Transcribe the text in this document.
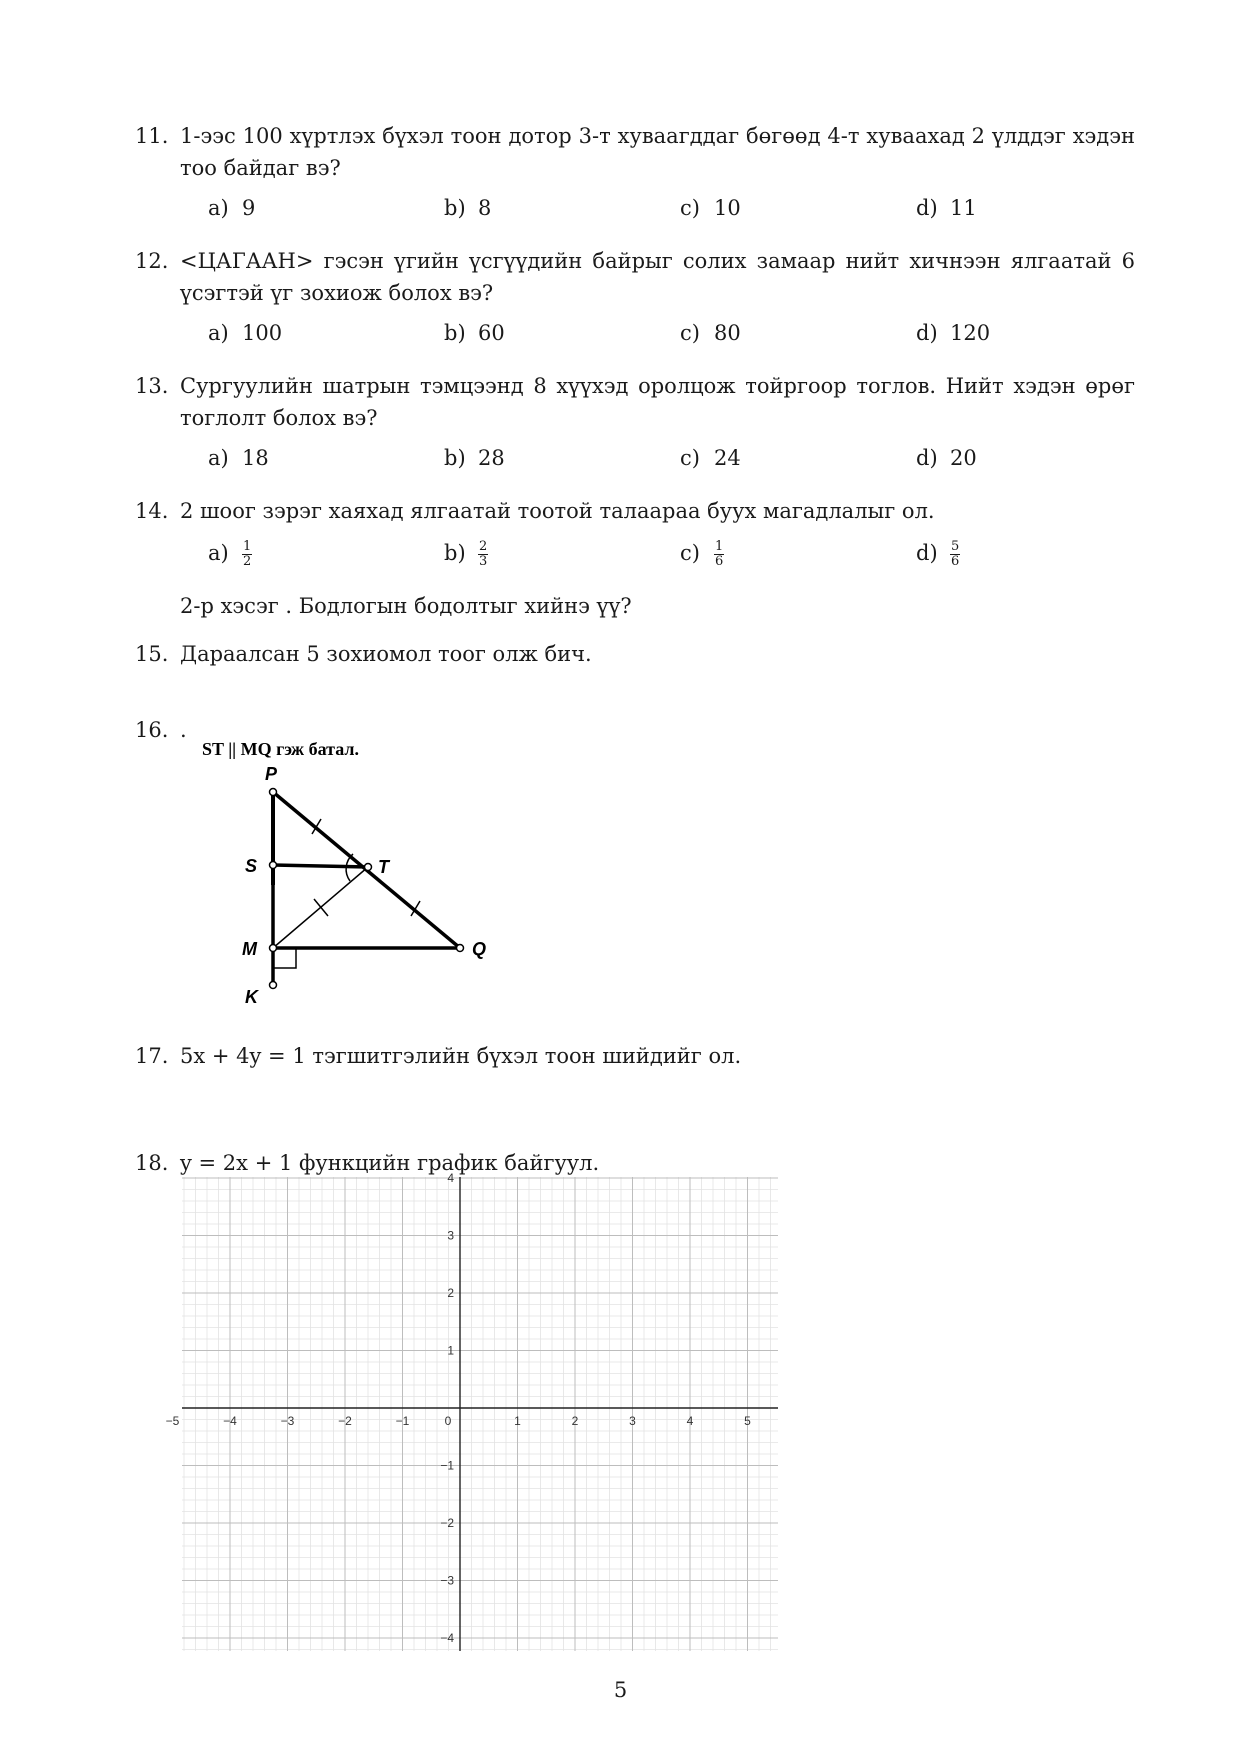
11. 1-ээс 100 хүртлэх бүхэл тоон дотор 3-т хуваагддаг бөгөөд 4-т хуваахад 2 үлддэг хэдэн тоо байдаг вэ?
a) 9	b) 8	c) 10	d) 11
12. <ЦАГААН> гэсэн үгийн үсгүүдийн байрыг солих замаар нийт хичнээн ялгаатай 6 үсэгтэй үг зохиож болох вэ?
a) 100	b) 60	c) 80	d) 120
13. Сургуулийн шатрын тэмцээнд 8 хүүхэд оролцож тойргоор тоглов. Нийт хэдэн өрөг тоглолт болох вэ?
a) 18	b) 28	c) 24	d) 20
14. 2 шоог зэрэг хаяхад ялгаатай тоотой талаараа буух магадлалыг ол.
$a) \frac{1}{2}$	$b) \frac{2}{3}$	$c) \frac{1}{6}$	$d) \frac{5}{6}$
2-р хэсэг . Бодлогын бодолтыг хийнэ үү?
15. Дараалсан 5 зохиомол тоог олж бич.
16. .
ST || MQ гэж батал.
P
S	T
M	Q
K
17. 5x + 4y = 1 тэгшитгэлийн бүхэл тоон шийдийг ол.
18. y = 2x + 1 функцийн график байгуул.
−5	−4	−3	−2	−1	0	1	2	3	4	5
4
3
2
1
−1
−2
−3
−4
5
